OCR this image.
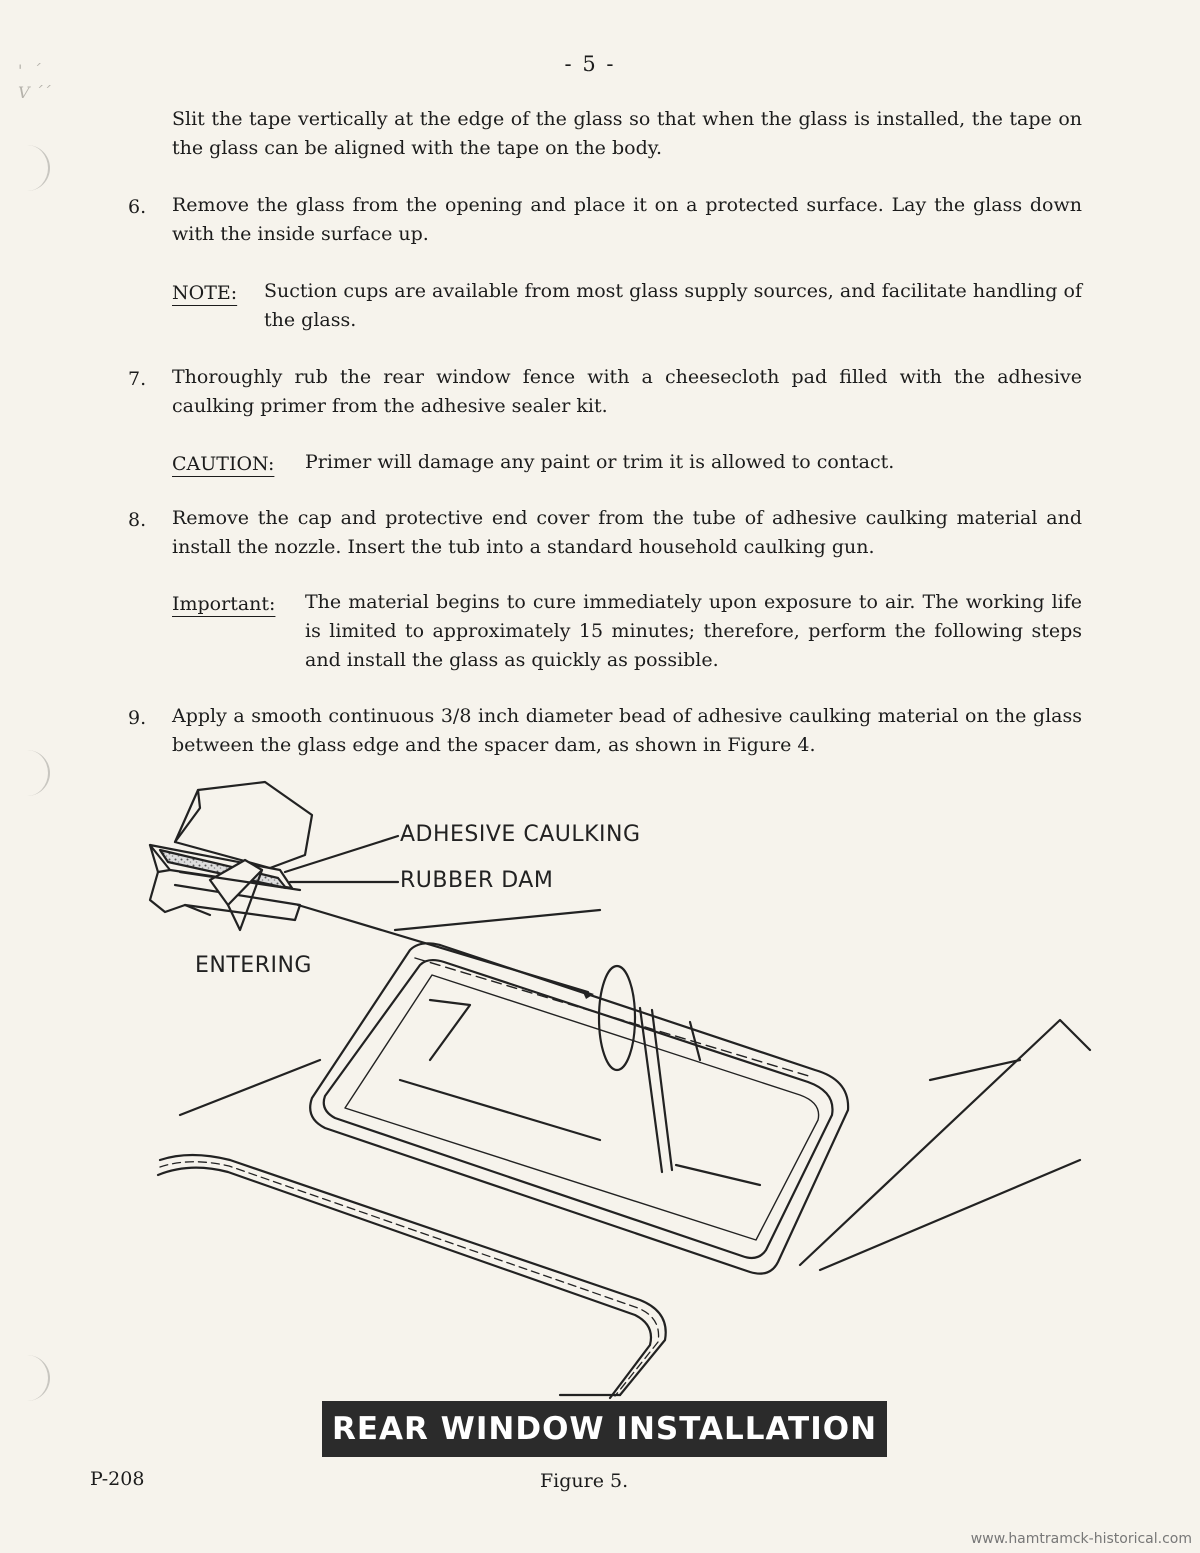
'  ´
V ´´
- 5 -
Slit the tape vertically at the edge of the glass so that when the glass is installed, the tape on the glass can be aligned with the tape on the body.
6. Remove the glass from the opening and place it on a protected surface. Lay the glass down with the inside surface up.
NOTE: Suction cups are available from most glass supply sources, and facilitate handling of the glass.
7. Thoroughly rub the rear window fence with a cheesecloth pad filled with the adhesive caulking primer from the adhesive sealer kit.
CAUTION: Primer will damage any paint or trim it is allowed to contact.
8. Remove the cap and protective end cover from the tube of adhesive caulking material and install the nozzle. Insert the tub into a standard household caulking gun.
Important: The material begins to cure immediately upon exposure to air. The working life is limited to approximately 15 minutes; therefore, perform the following steps and install the glass as quickly as possible.
9. Apply a smooth continuous 3/8 inch diameter bead of adhesive caulking material on the glass between the glass edge and the spacer dam, as shown in Figure 4.
ADHESIVE CAULKING
RUBBER DAM
ENTERING
REAR WINDOW INSTALLATION
P-208	Figure 5.
www.hamtramck-historical.com
